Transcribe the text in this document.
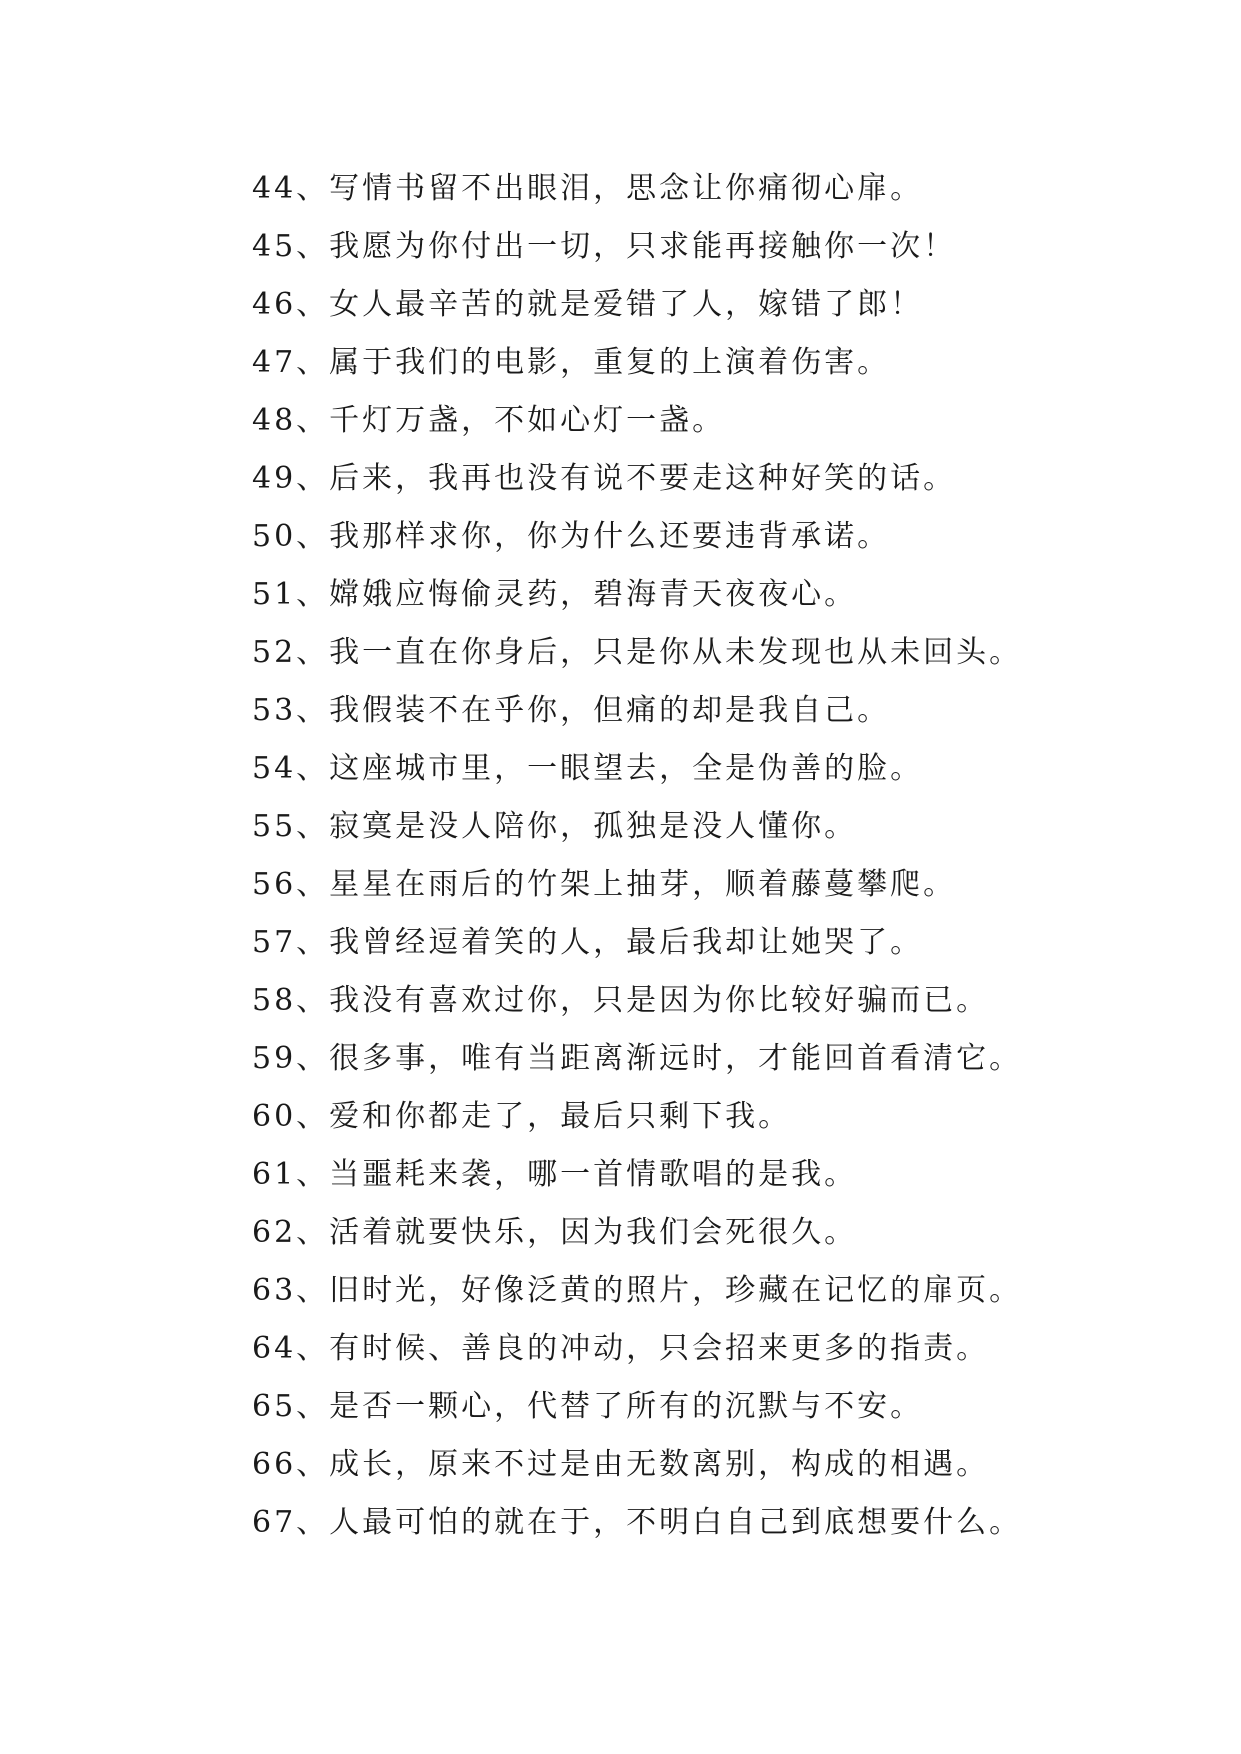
44、写情书留不出眼泪，思念让你痛彻心扉。
45、我愿为你付出一切，只求能再接触你一次！
46、女人最辛苦的就是爱错了人，嫁错了郎！
47、属于我们的电影，重复的上演着伤害。
48、千灯万盏，不如心灯一盏。
49、后来，我再也没有说不要走这种好笑的话。
50、我那样求你，你为什么还要违背承诺。
51、嫦娥应悔偷灵药，碧海青天夜夜心。
52、我一直在你身后，只是你从未发现也从未回头。
53、我假装不在乎你，但痛的却是我自己。
54、这座城市里，一眼望去，全是伪善的脸。
55、寂寞是没人陪你，孤独是没人懂你。
56、星星在雨后的竹架上抽芽，顺着藤蔓攀爬。
57、我曾经逗着笑的人，最后我却让她哭了。
58、我没有喜欢过你，只是因为你比较好骗而已。
59、很多事，唯有当距离渐远时，才能回首看清它。
60、爱和你都走了，最后只剩下我。
61、当噩耗来袭，哪一首情歌唱的是我。
62、活着就要快乐，因为我们会死很久。
63、旧时光，好像泛黄的照片，珍藏在记忆的扉页。
64、有时候、善良的冲动，只会招来更多的指责。
65、是否一颗心，代替了所有的沉默与不安。
66、成长，原来不过是由无数离别，构成的相遇。
67、人最可怕的就在于，不明白自己到底想要什么。
